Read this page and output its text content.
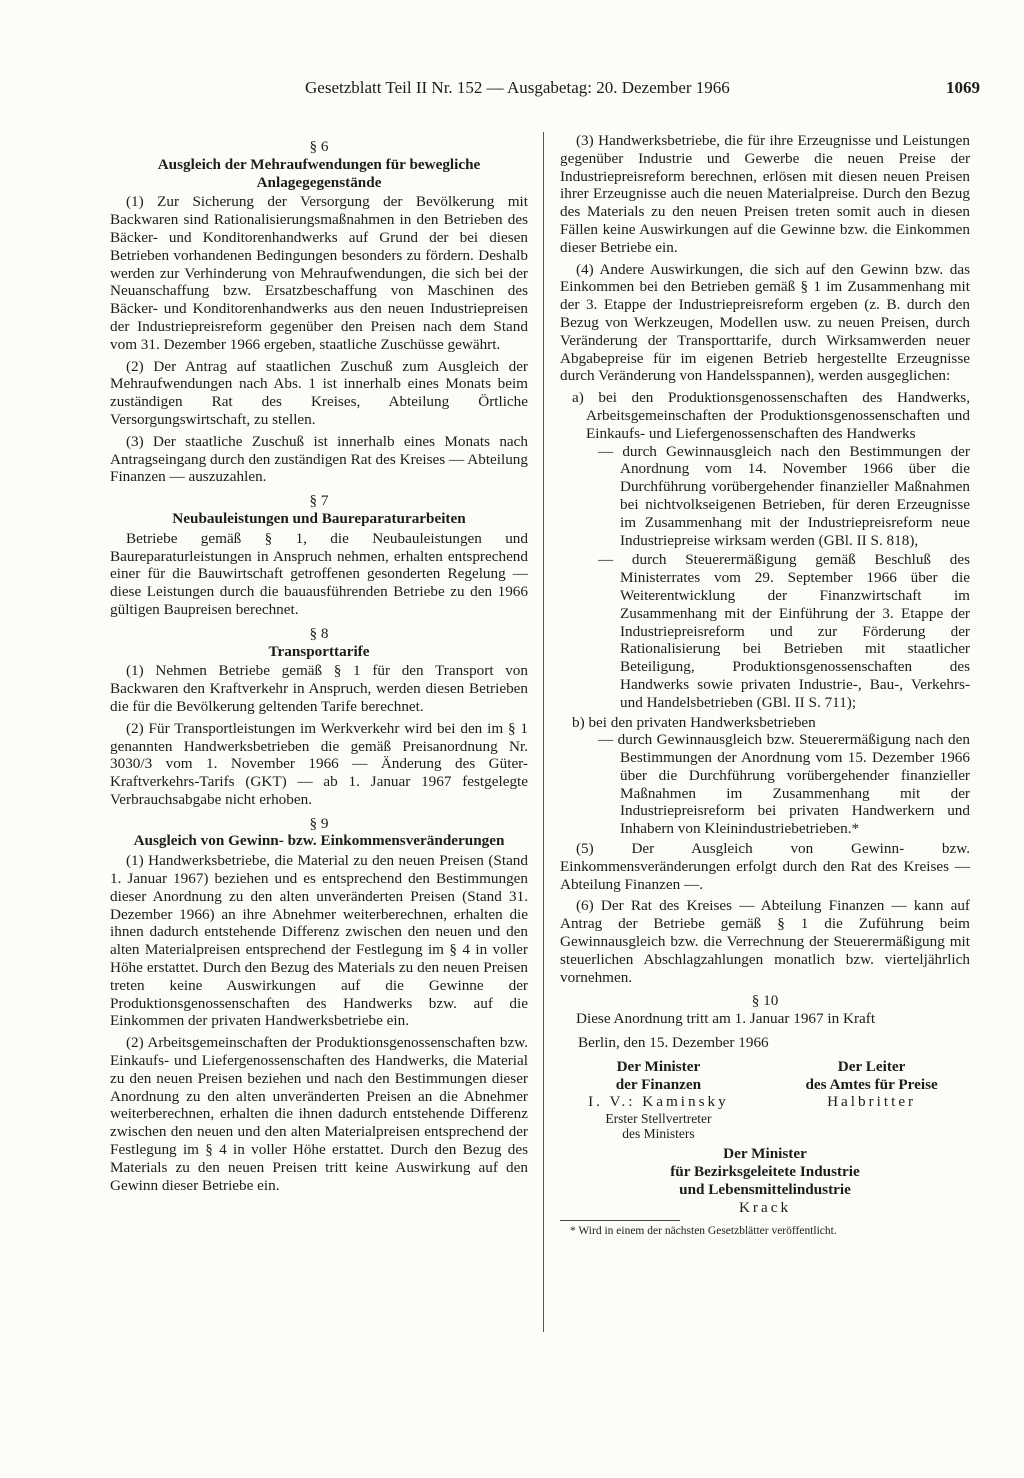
Gesetzblatt Teil II Nr. 152 — Ausgabetag: 20. Dezember 1966	1069

§ 6

Ausgleich der Mehraufwendungen für bewegliche Anlagegegenstände

(1) Zur Sicherung der Versorgung der Bevölkerung mit Backwaren sind Rationalisierungsmaßnahmen in den Betrieben des Bäcker- und Konditorenhandwerks auf Grund der bei diesen Betrieben vorhandenen Bedingungen besonders zu fördern. Deshalb werden zur Verhinderung von Mehraufwendungen, die sich bei der Neuanschaffung bzw. Ersatzbeschaffung von Maschinen des Bäcker- und Konditorenhandwerks aus den neuen Industriepreisen der Industriepreisreform gegenüber den Preisen nach dem Stand vom 31. Dezember 1966 ergeben, staatliche Zuschüsse gewährt.

(2) Der Antrag auf staatlichen Zuschuß zum Ausgleich der Mehraufwendungen nach Abs. 1 ist innerhalb eines Monats beim zuständigen Rat des Kreises, Abteilung Örtliche Versorgungswirtschaft, zu stellen.

(3) Der staatliche Zuschuß ist innerhalb eines Monats nach Antragseingang durch den zuständigen Rat des Kreises — Abteilung Finanzen — auszuzahlen.

§ 7

Neubauleistungen und Baureparaturarbeiten

Betriebe gemäß § 1, die Neubauleistungen und Baureparaturleistungen in Anspruch nehmen, erhalten entsprechend einer für die Bauwirtschaft getroffenen gesonderten Regelung — diese Leistungen durch die bauausführenden Betriebe zu den 1966 gültigen Baupreisen berechnet.

§ 8

Transporttarife

(1) Nehmen Betriebe gemäß § 1 für den Transport von Backwaren den Kraftverkehr in Anspruch, werden diesen Betrieben die für die Bevölkerung geltenden Tarife berechnet.

(2) Für Transportleistungen im Werkverkehr wird bei den im § 1 genannten Handwerksbetrieben die gemäß Preisanordnung Nr. 3030/3 vom 1. November 1966 — Änderung des Güter-Kraftverkehrs-Tarifs (GKT) — ab 1. Januar 1967 festgelegte Verbrauchsabgabe nicht erhoben.

§ 9

Ausgleich von Gewinn- bzw. Einkommensveränderungen

(1) Handwerksbetriebe, die Material zu den neuen Preisen (Stand 1. Januar 1967) beziehen und es entsprechend den Bestimmungen dieser Anordnung zu den alten unveränderten Preisen (Stand 31. Dezember 1966) an ihre Abnehmer weiterberechnen, erhalten die ihnen dadurch entstehende Differenz zwischen den neuen und den alten Materialpreisen entsprechend der Festlegung im § 4 in voller Höhe erstattet. Durch den Bezug des Materials zu den neuen Preisen treten keine Auswirkungen auf die Gewinne der Produktionsgenossenschaften des Handwerks bzw. auf die Einkommen der privaten Handwerksbetriebe ein.

(2) Arbeitsgemeinschaften der Produktionsgenossenschaften bzw. Einkaufs- und Liefergenossenschaften des Handwerks, die Material zu den neuen Preisen beziehen und nach den Bestimmungen dieser Anordnung zu den alten unveränderten Preisen an die Abnehmer weiterberechnen, erhalten die ihnen dadurch entstehende Differenz zwischen den neuen und den alten Materialpreisen entsprechend der Festlegung im § 4 in voller Höhe erstattet. Durch den Bezug des Materials zu den neuen Preisen tritt keine Auswirkung auf den Gewinn dieser Betriebe ein.

(3) Handwerksbetriebe, die für ihre Erzeugnisse und Leistungen gegenüber Industrie und Gewerbe die neuen Preise der Industriepreisreform berechnen, erlösen mit diesen neuen Preisen ihrer Erzeugnisse auch die neuen Materialpreise. Durch den Bezug des Materials zu den neuen Preisen treten somit auch in diesen Fällen keine Auswirkungen auf die Gewinne bzw. die Einkommen dieser Betriebe ein.

(4) Andere Auswirkungen, die sich auf den Gewinn bzw. das Einkommen bei den Betrieben gemäß § 1 im Zusammenhang mit der 3. Etappe der Industriepreisreform ergeben (z. B. durch den Bezug von Werkzeugen, Modellen usw. zu neuen Preisen, durch Veränderung der Transporttarife, durch Wirksamwerden neuer Abgabepreise für im eigenen Betrieb hergestellte Erzeugnisse durch Veränderung von Handelsspannen), werden ausgeglichen:

a) bei den Produktionsgenossenschaften des Handwerks, Arbeitsgemeinschaften der Produktionsgenossenschaften und Einkaufs- und Liefergenossenschaften des Handwerks

— durch Gewinnausgleich nach den Bestimmungen der Anordnung vom 14. November 1966 über die Durchführung vorübergehender finanzieller Maßnahmen bei nichtvolkseigenen Betrieben, für deren Erzeugnisse im Zusammenhang mit der Industriepreisreform neue Industriepreise wirksam werden (GBl. II S. 818),

— durch Steuerermäßigung gemäß Beschluß des Ministerrates vom 29. September 1966 über die Weiterentwicklung der Finanzwirtschaft im Zusammenhang mit der Einführung der 3. Etappe der Industriepreisreform und zur Förderung der Rationalisierung bei Betrieben mit staatlicher Beteiligung, Produktionsgenossenschaften des Handwerks sowie privaten Industrie-, Bau-, Verkehrs- und Handelsbetrieben (GBl. II S. 711);

b) bei den privaten Handwerksbetrieben

— durch Gewinnausgleich bzw. Steuerermäßigung nach den Bestimmungen der Anordnung vom 15. Dezember 1966 über die Durchführung vorübergehender finanzieller Maßnahmen im Zusammenhang mit der Industriepreisreform bei privaten Handwerkern und Inhabern von Kleinindustriebetrieben.*

(5) Der Ausgleich von Gewinn- bzw. Einkommensveränderungen erfolgt durch den Rat des Kreises — Abteilung Finanzen —.

(6) Der Rat des Kreises — Abteilung Finanzen — kann auf Antrag der Betriebe gemäß § 1 die Zuführung beim Gewinnausgleich bzw. die Verrechnung der Steuerermäßigung mit steuerlichen Abschlagzahlungen monatlich bzw. vierteljährlich vornehmen.

§ 10

Diese Anordnung tritt am 1. Januar 1967 in Kraft

Berlin, den 15. Dezember 1966

Der Minister
der Finanzen
I. V.: Kaminsky
Erster Stellvertreter
des Ministers
Der Leiter
des Amtes für Preise
Halbritter
Der Minister
für Bezirksgeleitete Industrie
und Lebensmittelindustrie
Krack

* Wird in einem der nächsten Gesetzblätter veröffentlicht.
